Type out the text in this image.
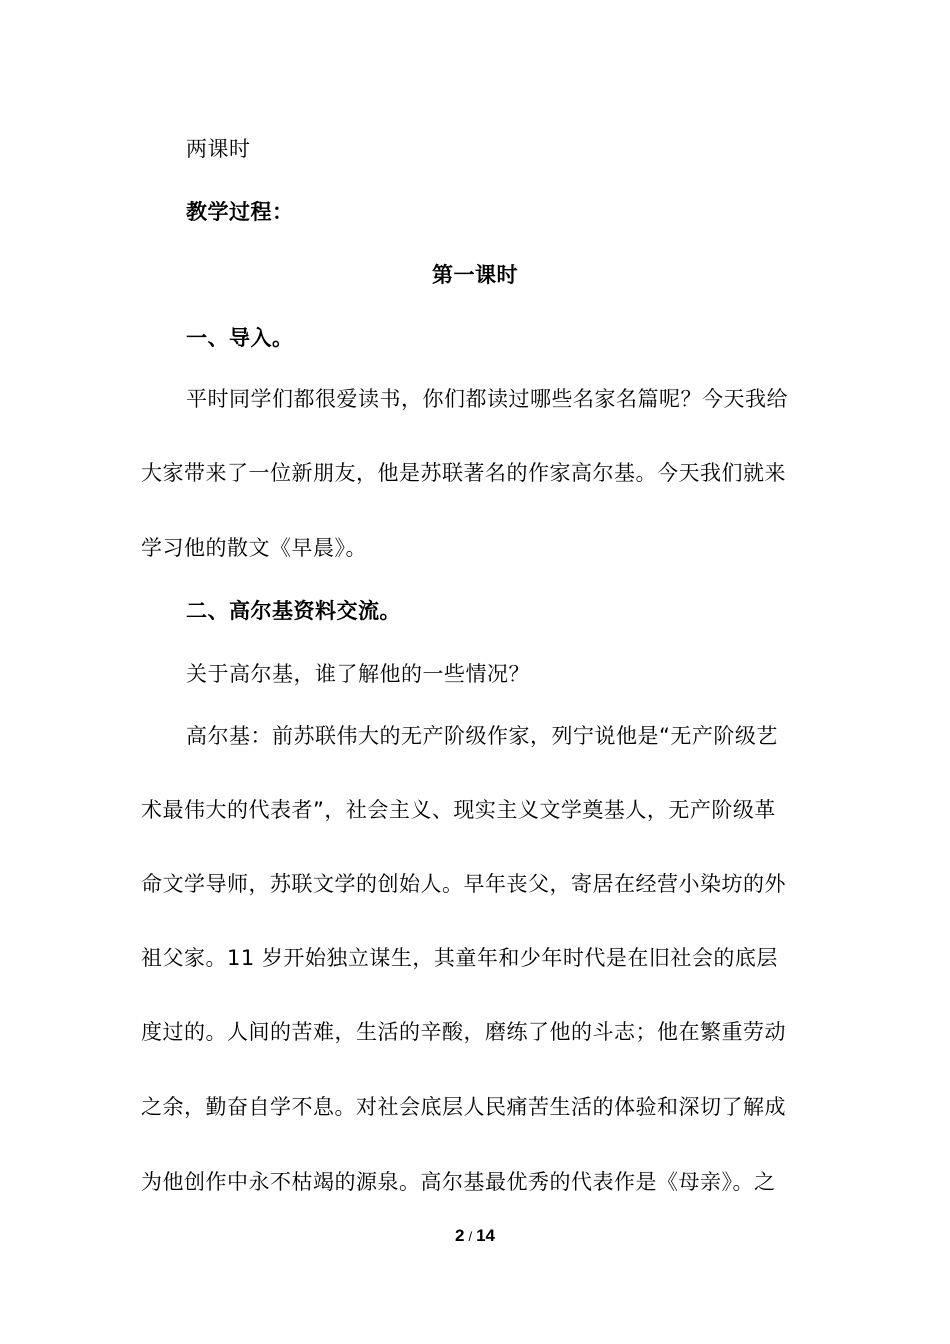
两课时
教学过程：
第一课时
一、导入。
平时同学们都很爱读书，你们都读过哪些名家名篇呢？今天我给
大家带来了一位新朋友，他是苏联著名的作家高尔基。今天我们就来
学习他的散文《早晨》。
二、高尔基资料交流。
关于高尔基，谁了解他的一些情况？
高尔基：前苏联伟大的无产阶级作家，列宁说他是“无产阶级艺
术最伟大的代表者”，社会主义、现实主义文学奠基人，无产阶级革
命文学导师，苏联文学的创始人。早年丧父，寄居在经营小染坊的外
祖父家。11 岁开始独立谋生，其童年和少年时代是在旧社会的底层
度过的。人间的苦难，生活的辛酸，磨练了他的斗志；他在繁重劳动
之余，勤奋自学不息。对社会底层人民痛苦生活的体验和深切了解成
为他创作中永不枯竭的源泉。高尔基最优秀的代表作是《母亲》。之
2 / 14
